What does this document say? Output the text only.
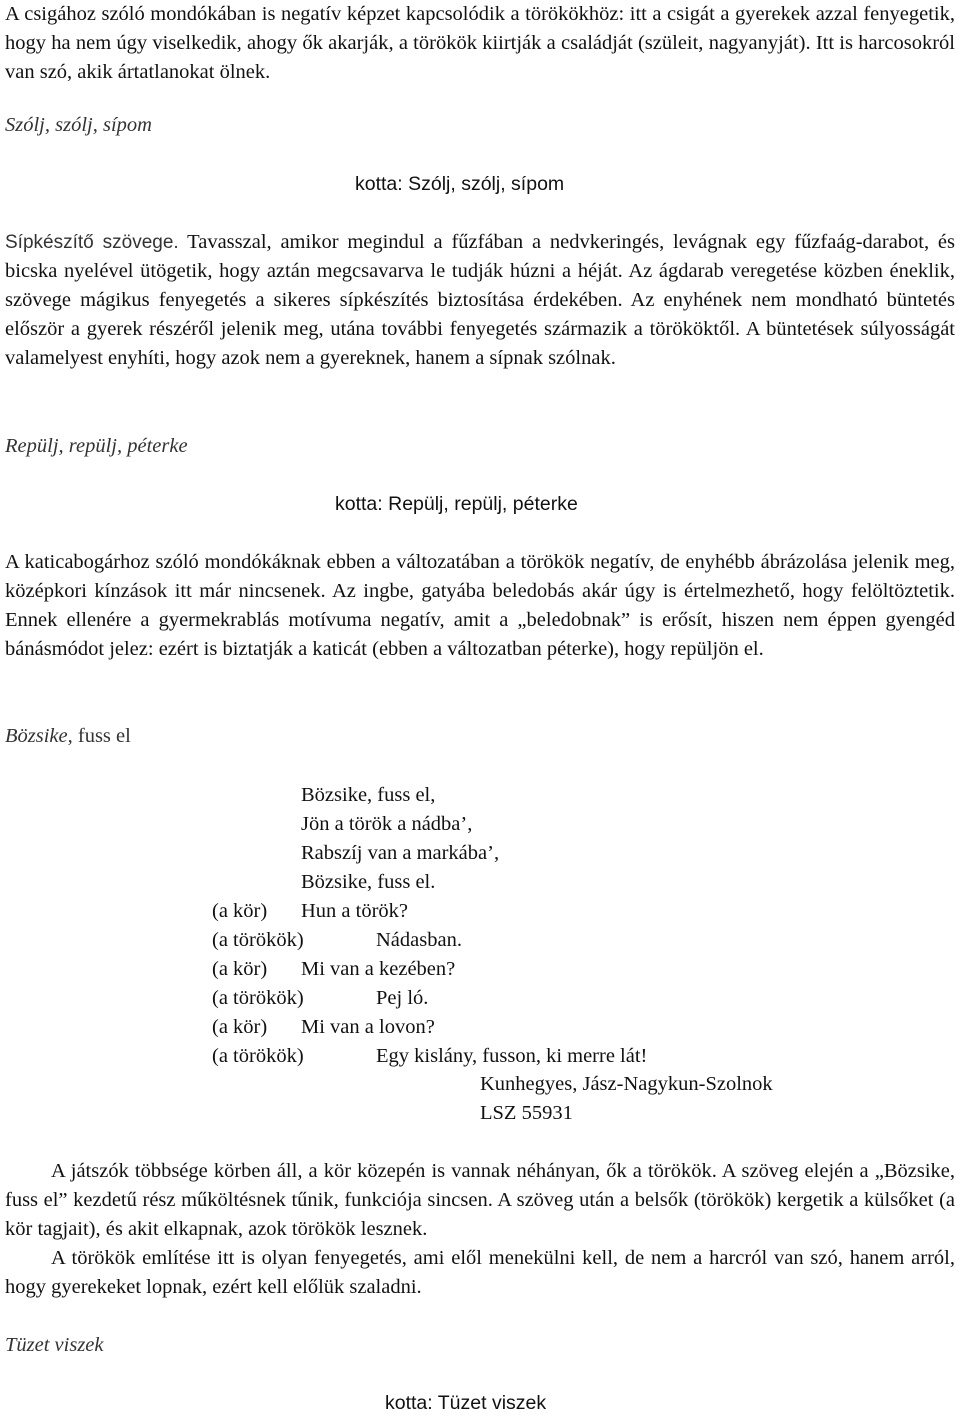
A csigához szóló mondókában is negatív képzet kapcsolódik a törökökhöz: itt a csigát a gyerekek azzal fenyegetik, hogy ha nem úgy viselkedik, ahogy ők akarják, a törökök kiirtják a családját (szüleit, nagyanyját). Itt is harcosokról van szó, akik ártatlanokat ölnek.

Szólj, szólj, sípom

kotta: Szólj, szólj, sípom

Sípkészítő szövege. Tavasszal, amikor megindul a fűzfában a nedvkeringés, levágnak egy fűzfaág-darabot, és bicska nyelével ütögetik, hogy aztán megcsavarva le tudják húzni a héját. Az ágdarab veregetése közben éneklik, szövege mágikus fenyegetés a sikeres sípkészítés biztosítása érdekében. Az enyhének nem mondható büntetés először a gyerek részéről jelenik meg, utána további fenyegetés származik a törököktől. A büntetések súlyosságát valamelyest enyhíti, hogy azok nem a gyereknek, hanem a sípnak szólnak.

Repülj, repülj, péterke

kotta: Repülj, repülj, péterke

A katicabogárhoz szóló mondókáknak ebben a változatában a törökök negatív, de enyhébb ábrázolása jelenik meg, középkori kínzások itt már nincsenek. Az ingbe, gatyába beledobás akár úgy is értelmezhető, hogy felöltöztetik. Ennek ellenére a gyermekrablás motívuma negatív, amit a „beledobnak” is erősít, hiszen nem éppen gyengéd bánásmódot jelez: ezért is biztatják a katicát (ebben a változatban péterke), hogy repüljön el.

Bözsike, fuss el

Bözsike, fuss el,
Jön a török a nádba’,
Rabszíj van a markába’,
Bözsike, fuss el.
(a kör) Hun a török?
(a törökök)	Nádasban.
(a kör) Mi van a kezében?
(a törökök)	Pej ló.
(a kör) Mi van a lovon?
(a törökök)	Egy kislány, fusson, ki merre lát!

Kunhegyes, Jász-Nagykun-Szolnok

LSZ 55931

A játszók többsége körben áll, a kör közepén is vannak néhányan, ők a törökök. A szöveg elején a „Bözsike, fuss el” kezdetű rész műköltésnek tűnik, funkciója sincsen. A szöveg után a belsők (törökök) kergetik a külsőket (a kör tagjait), és akit elkapnak, azok törökök lesznek.

A törökök említése itt is olyan fenyegetés, ami elől menekülni kell, de nem a harcról van szó, hanem arról, hogy gyerekeket lopnak, ezért kell előlük szaladni.

Tüzet viszek

kotta: Tüzet viszek
